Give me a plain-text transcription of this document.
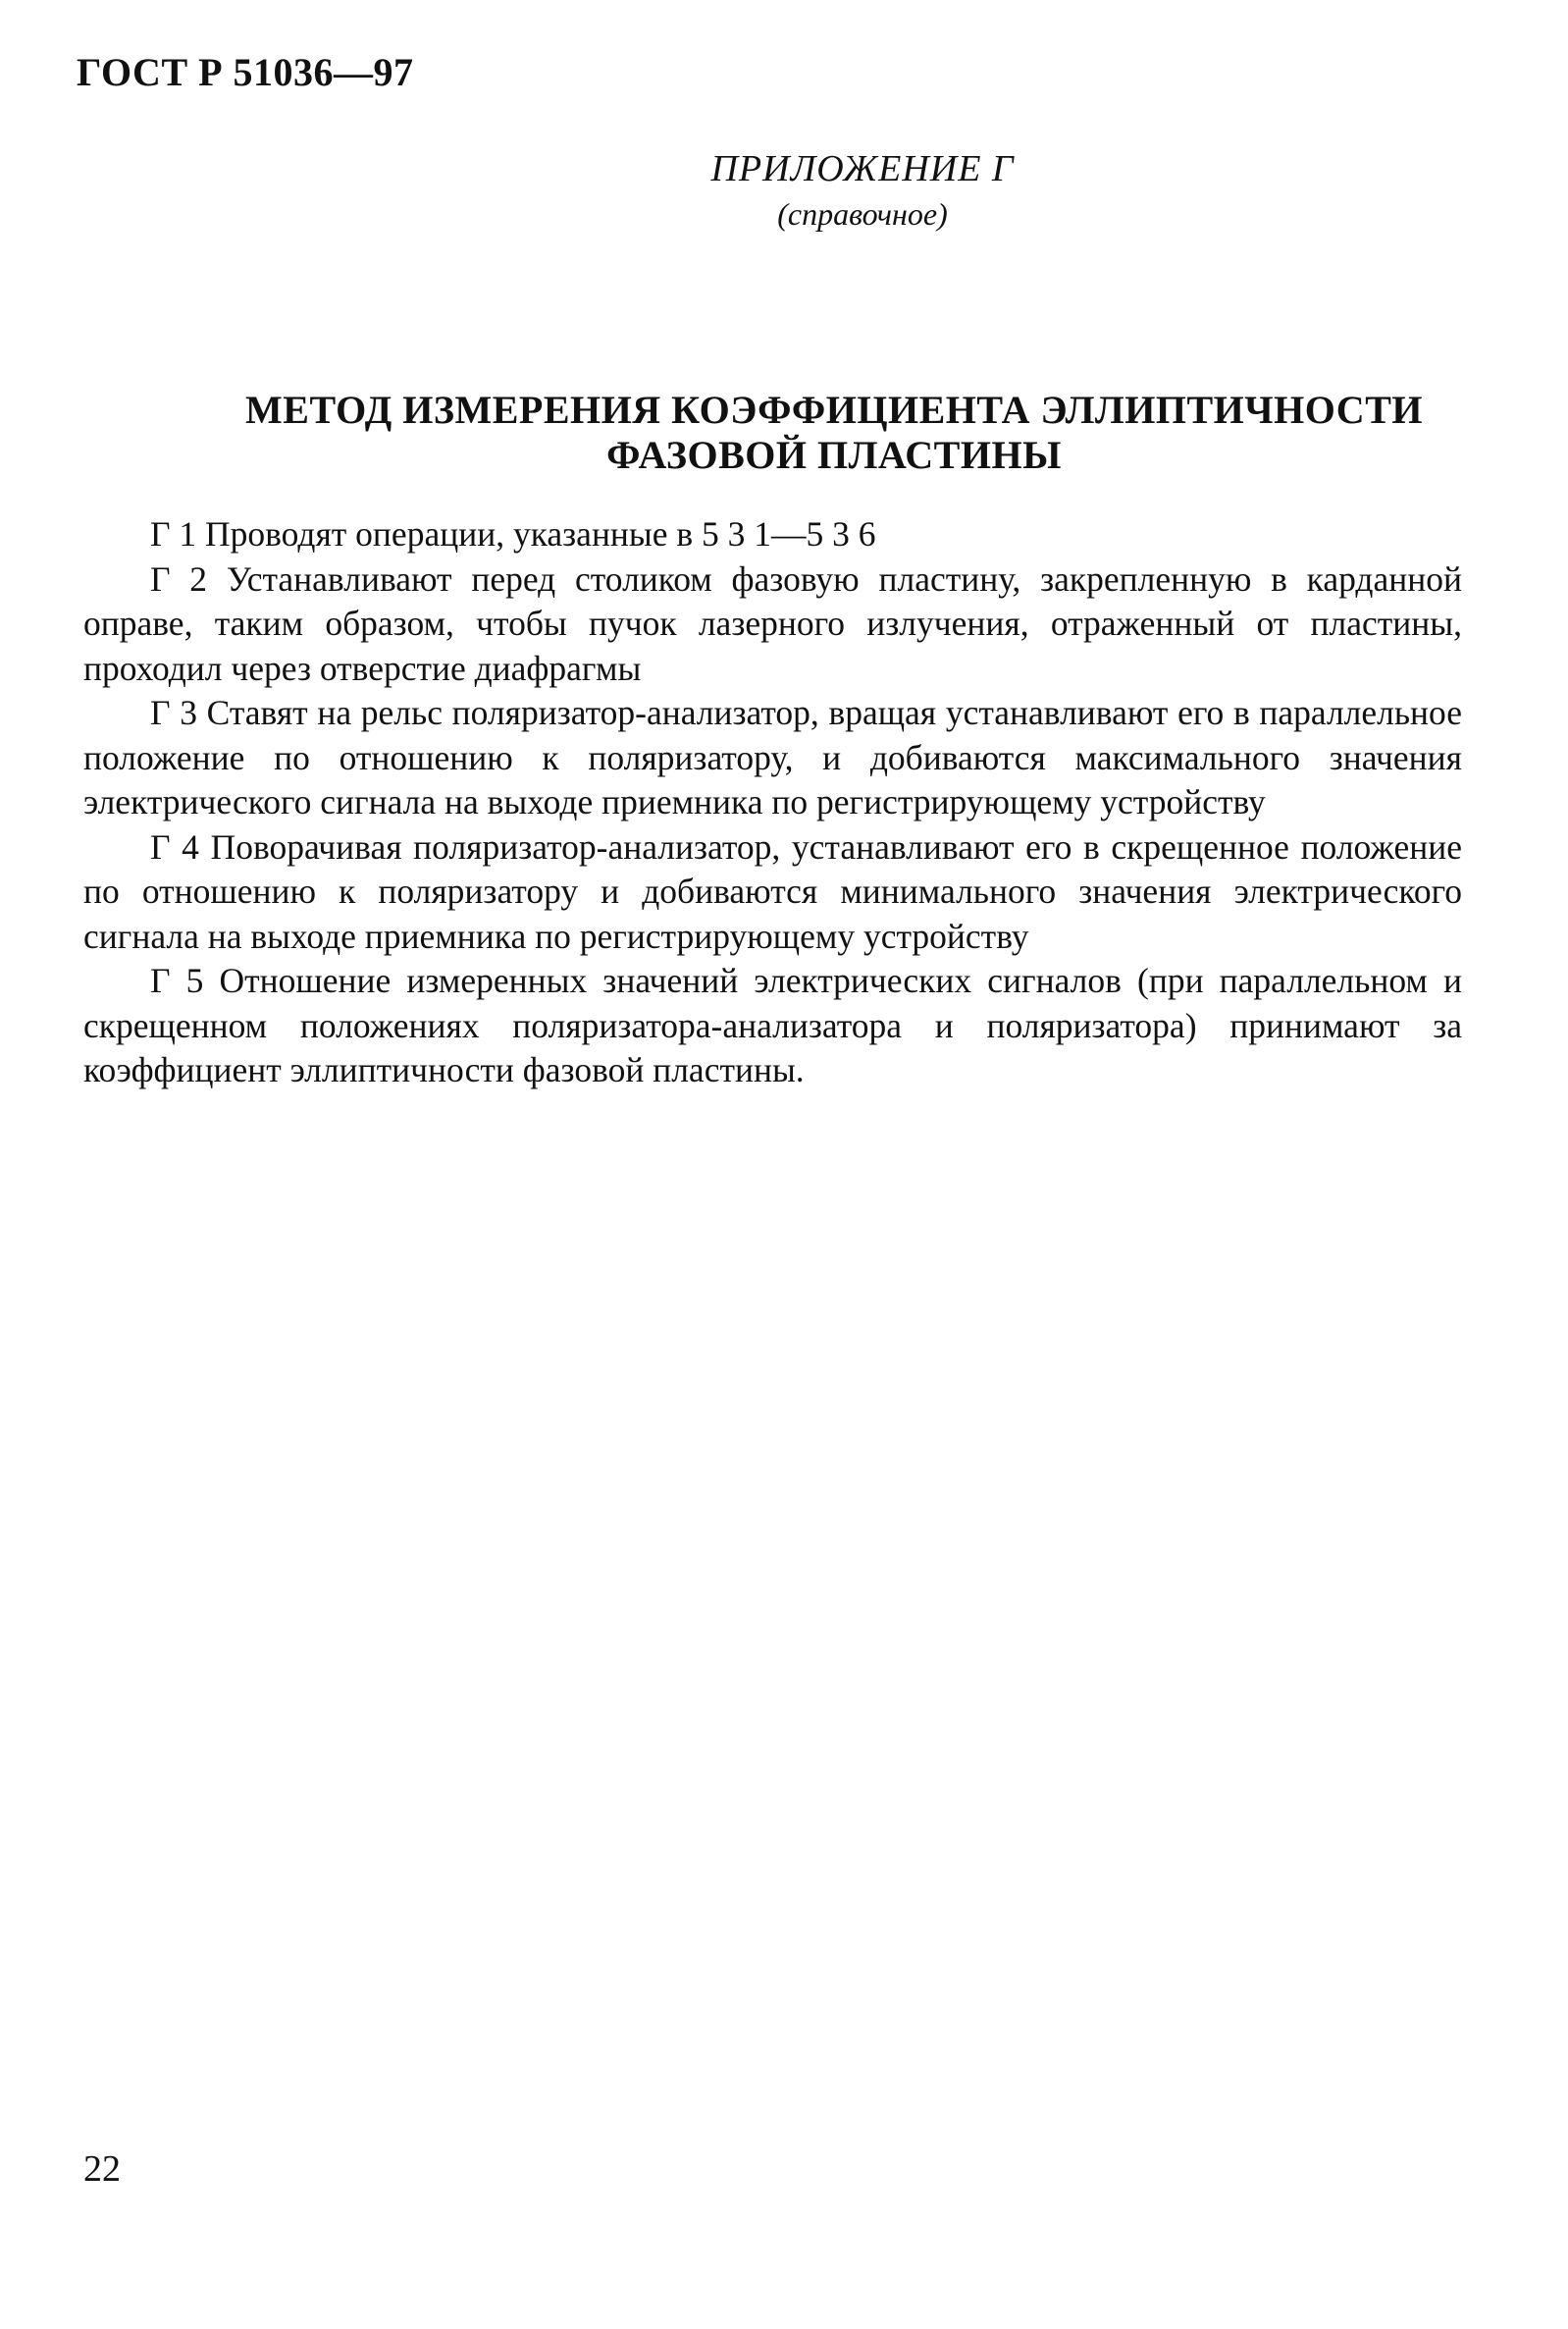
ГОСТ Р 51036—97
ПРИЛОЖЕНИЕ Г
(справочное)
МЕТОД ИЗМЕРЕНИЯ КОЭФФИЦИЕНТА ЭЛЛИПТИЧНОСТИ
ФАЗОВОЙ ПЛАСТИНЫ

Г 1 Проводят операции, указанные в 5 3 1—5 3 6

Г 2 Устанавливают перед столиком фазовую пластину, закрепленную в карданной оправе, таким образом, чтобы пучок лазерного излучения, отраженный от пластины, проходил через отверстие диафрагмы

Г 3 Ставят на рельс поляризатор-анализатор, вращая устанавливают его в параллельное положение по отношению к поляризатору, и добиваются максимального значения электрического сигнала на выходе приемника по регистрирующему устройству

Г 4 Поворачивая поляризатор-анализатор, устанавливают его в скрещенное положение по отношению к поляризатору и добиваются минимального значения электрического сигнала на выходе приемника по регистрирующему устройству

Г 5 Отношение измеренных значений электрических сигналов (при параллельном и скрещенном положениях поляризатора-анализатора и поляризатора) принимают за коэффициент эллиптичности фазовой пластины.

22
